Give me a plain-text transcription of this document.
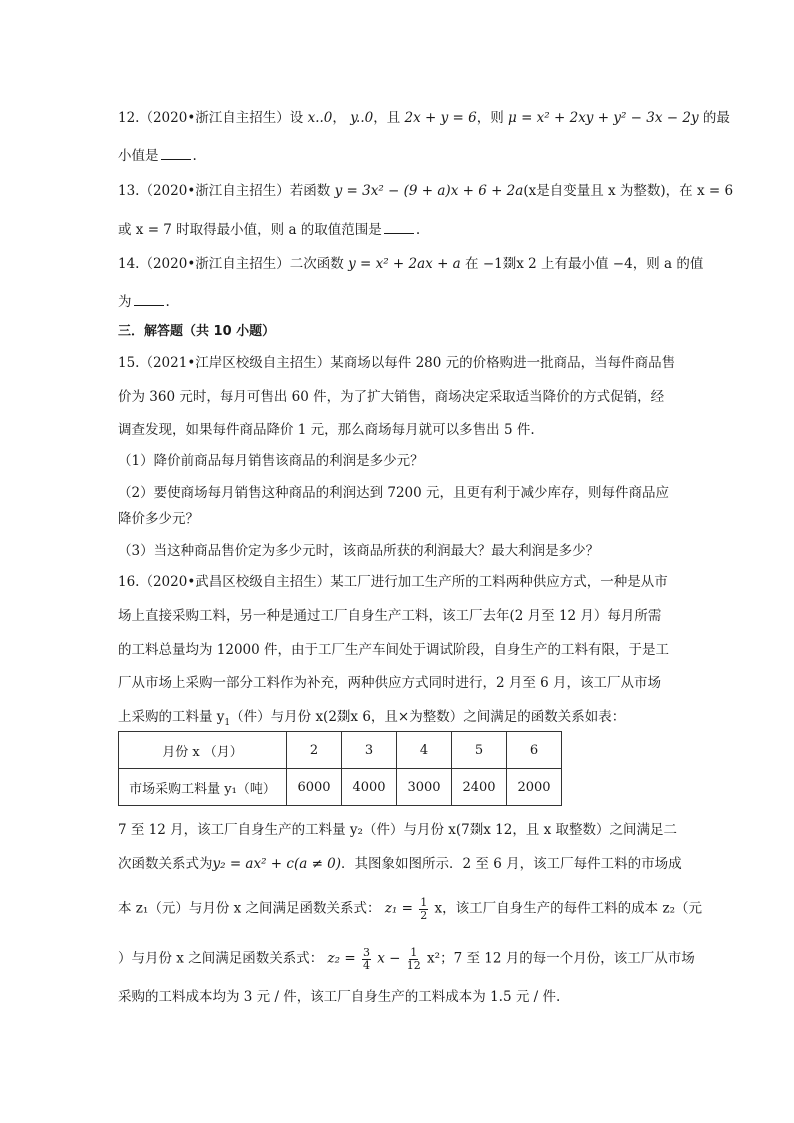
12.（2020•浙江自主招生）设 x..0， y..0，且 2x + y = 6，则 μ = x² + 2xy + y² − 3x − 2y 的最
小值是	.
13.（2020•浙江自主招生）若函数 y = 3x² − (9 + a)x + 6 + 2a(x是自变量且 x 为整数)，在 x = 6
或 x = 7 时取得最小值，则 a 的取值范围是	.
14.（2020•浙江自主招生）二次函数 y = x² + 2ax + a 在 −1剟x 2 上有最小值 −4，则 a 的值
为	.
三．解答题（共 10 小题）
15.（2021•江岸区校级自主招生）某商场以每件 280 元的价格购进一批商品，当每件商品售
价为 360 元时，每月可售出 60 件，为了扩大销售，商场决定采取适当降价的方式促销，经
调查发现，如果每件商品降价 1 元，那么商场每月就可以多售出 5 件.
（1）降价前商品每月销售该商品的利润是多少元？
（2）要使商场每月销售这种商品的利润达到 7200 元，且更有利于减少库存，则每件商品应
降价多少元？
（3）当这种商品售价定为多少元时，该商品所获的利润最大？最大利润是多少？
16.（2020•武昌区校级自主招生）某工厂进行加工生产所的工料两种供应方式，一种是从市
场上直接采购工料，另一种是通过工厂自身生产工料，该工厂去年(2 月至 12 月）每月所需
的工料总量均为 12000 件，由于工厂生产车间处于调试阶段，自身生产的工料有限，于是工
厂从市场上采购一部分工料作为补充，两种供应方式同时进行，2 月至 6 月，该工厂从市场
上采购的工料量 $y_1$（件）与月份 x(2剟x 6，且×为整数）之间满足的函数关系如表：
月份 x （月）	2	3	4	5	6
市场采购工料量 y₁（吨）	6000	4000	3000	2400	2000
7 至 12 月，该工厂自身生产的工料量 y₂（件）与月份 x(7剟x 12，且 x 取整数）之间满足二
次函数关系式为y₂ = ax² + c(a ≠ 0)．其图象如图所示．2 至 6 月，该工厂每件工料的市场成
本 z₁（元）与月份 x 之间满足函数关系式： $z_1 = \frac{1}{2}$ x，该工厂自身生产的每件工料的成本 z₂（元
）与月份 x 之间满足函数关系式： $z_2 = \frac{3}{4}$ $x - \frac{1}{12} x^2$；7 至 12 月的每一个月份，该工厂从市场
采购的工料成本均为 3 元 / 件，该工厂自身生产的工料成本为 1.5 元 / 件.
